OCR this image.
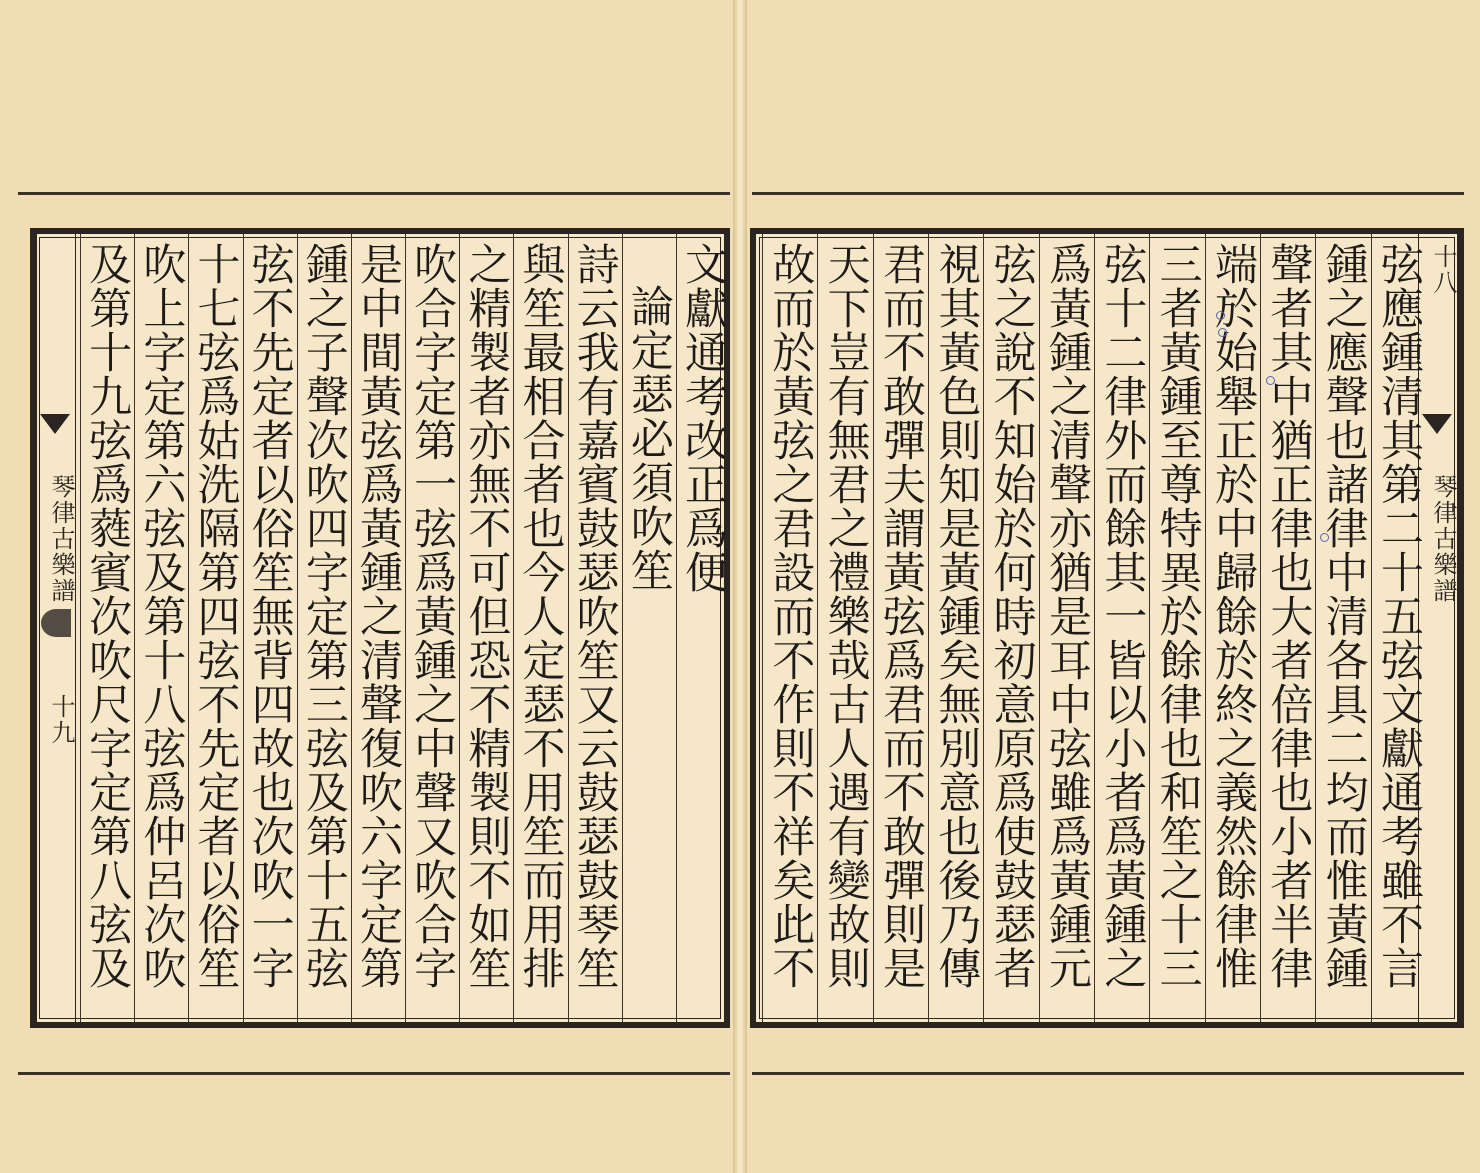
琴律古樂譜
十九
文獻通考改正爲便
論定瑟必須吹笙
詩云我有嘉賓鼓瑟吹笙又云鼓瑟鼓琴笙
與笙最相合者也今人定瑟不用笙而用排
之精製者亦無不可但恐不精製則不如笙
吹合字定第一弦爲黃鍾之中聲又吹合字
是中間黃弦爲黃鍾之清聲復吹六字定第
鍾之子聲次吹四字定第三弦及第十五弦
弦不先定者以俗笙無背四故也次吹一字
十七弦爲姑洗隔第四弦不先定者以俗笙
吹上字定第六弦及第十八弦爲仲呂次吹
及第十九弦爲蕤賓次吹尺字定第八弦及
琴律古樂譜
十八
弦應鍾清其第二十五弦文獻通考雖不言
鍾之應聲也諸律中清各具二均而惟黃鍾
聲者其中猶正律也大者倍律也小者半律
端於始舉正於中歸餘於終之義然餘律惟
三者黃鍾至尊特異於餘律也和笙之十三
弦十二律外而餘其一皆以小者爲黃鍾之
爲黃鍾之清聲亦猶是耳中弦雖爲黃鍾元
弦之說不知始於何時初意原爲使鼓瑟者
視其黃色則知是黃鍾矣無別意也後乃傳
君而不敢彈夫謂黃弦爲君而不敢彈則是
天下豈有無君之禮樂哉古人遇有變故則
故而於黃弦之君設而不作則不祥矣此不
